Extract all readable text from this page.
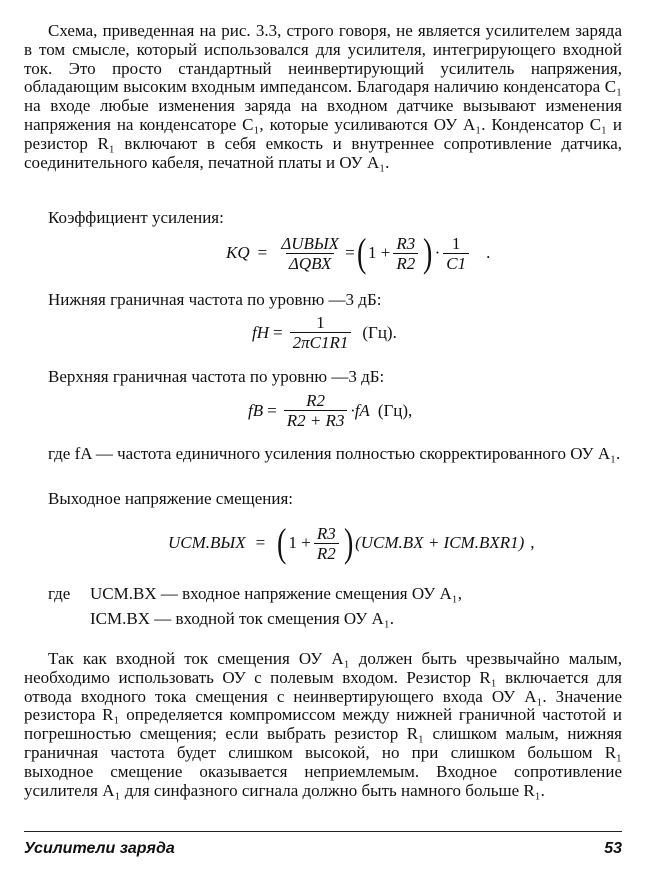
Схема, приведенная на рис. 3.3, строго говоря, не является усилителем заряда в том смысле, который использовался для усилителя, интегрирующего входной ток. Это просто стандартный неинвертирующий усилитель напряжения, обладающим высоким входным импедансом. Благодаря наличию конденсатора C₁ на входе любые изменения заряда на входном датчике вызывают изменения напряжения на конденсаторе C₁, которые усиливаются ОУ A₁. Конденсатор C₁ и резистор R₁ включают в себя емкость и внутреннее сопротивление датчика, соединительного кабеля, печатной платы и ОУ A₁.

Коэффициент усиления:

KQ = $\frac{\text{ΔUВЫХ}}{\text{ΔQВХ}}$ = ( $1 + \frac{R3}{R2}$ ) · $\frac{1}{C1}$ .

Нижняя граничная частота по уровню —3 дБ:

fH = $\frac{1}{2\pi C1R1} (Гц)$.

Верхняя граничная частота по уровню —3 дБ:

fB = $\frac{R2}{R2 + R3} \cdot fA$ (Гц),

где fA — частота единичного усиления полностью скорректированного ОУ A₁.

Выходное напряжение смещения:

UCM.ВЫХ = ( $1 + \frac{R3}{R2}$ ) (UCM.BX + ICM.BXR1) ,

где UCM.BX — входное напряжение смещения ОУ A₁,

ICM.BX — входной ток смещения ОУ A₁.

Так как входной ток смещения ОУ A₁ должен быть чрезвычайно малым, необходимо использовать ОУ с полевым входом. Резистор R₁ включается для отвода входного тока смещения с неинвертирующего входа ОУ A₁. Значение резистора R₁ определяется компромиссом между нижней граничной частотой и погрешностью смещения; если выбрать резистор R₁ слишком малым, нижняя граничная частота будет слишком высокой, но при слишком большом R₁ выходное смещение оказывается неприемлемым. Входное сопротивление усилителя A₁ для синфазного сигнала должно быть намного больше R₁.

Усилители заряда	53
